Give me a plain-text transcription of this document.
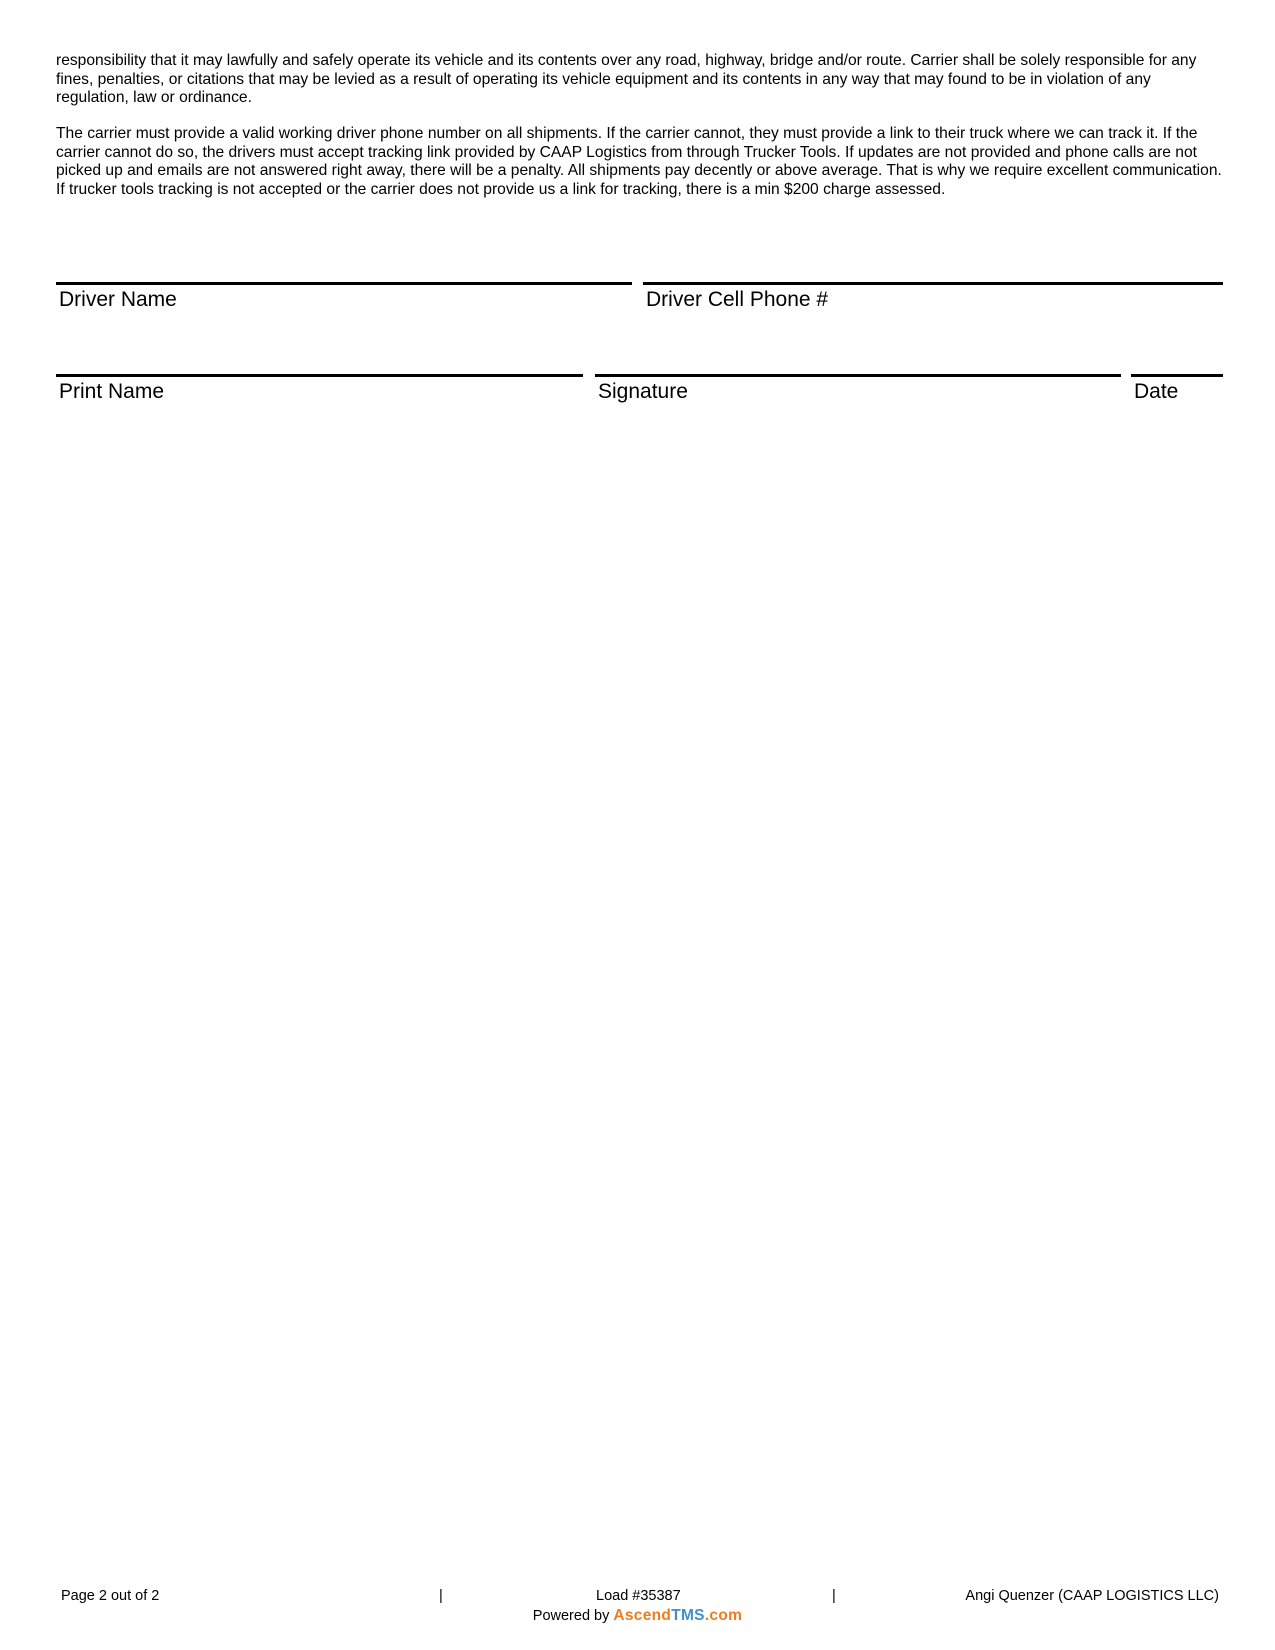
responsibility that it may lawfully and safely operate its vehicle and its contents over any road, highway, bridge and/or route. Carrier shall be solely responsible for any fines, penalties, or citations that may be levied as a result of operating its vehicle equipment and its contents in any way that may found to be in violation of any regulation, law or ordinance.

The carrier must provide a valid working driver phone number on all shipments. If the carrier cannot, they must provide a link to their truck where we can track it. If the carrier cannot do so, the drivers must accept tracking link provided by CAAP Logistics from through Trucker Tools. If updates are not provided and phone calls are not picked up and emails are not answered right away, there will be a penalty. All shipments pay decently or above average. That is why we require excellent communication. If trucker tools tracking is not accepted or the carrier does not provide us a link for tracking, there is a min $200 charge assessed.

Driver Name	Driver Cell Phone #
Print Name	Signature	Date
Page 2 out of 2	|	Load #35387	|	Angi Quenzer (CAAP LOGISTICS LLC)
Powered by AscendTMS.com
